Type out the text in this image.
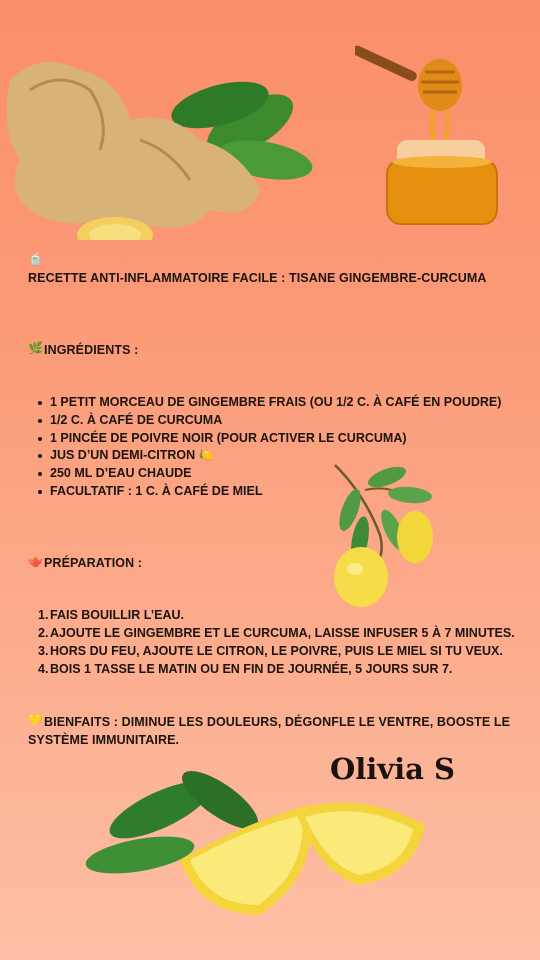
🍵
RECETTE ANTI-INFLAMMATOIRE FACILE : TISANE GINGEMBRE-CURCUMA
🌿 INGRÉDIENTS :
1 PETIT MORCEAU DE GINGEMBRE FRAIS (OU 1/2 C. À CAFÉ EN POUDRE)
1/2 C. À CAFÉ DE CURCUMA
1 PINCÉE DE POIVRE NOIR (POUR ACTIVER LE CURCUMA)
JUS D’UN DEMI-CITRON 🍋
250 ML D’EAU CHAUDE
FACULTATIF : 1 C. À CAFÉ DE MIEL
🫖 PRÉPARATION :
1. FAIS BOUILLIR L’EAU.
2. AJOUTE LE GINGEMBRE ET LE CURCUMA, LAISSE INFUSER 5 À 7 MINUTES.
3. HORS DU FEU, AJOUTE LE CITRON, LE POIVRE, PUIS LE MIEL SI TU VEUX.
4. BOIS 1 TASSE LE MATIN OU EN FIN DE JOURNÉE, 5 JOURS SUR 7.
💛 BIENFAITS : DIMINUE LES DOULEURS, DÉGONFLE LE VENTRE, BOOSTE LE
SYSTÈME IMMUNITAIRE.
Olivia S
